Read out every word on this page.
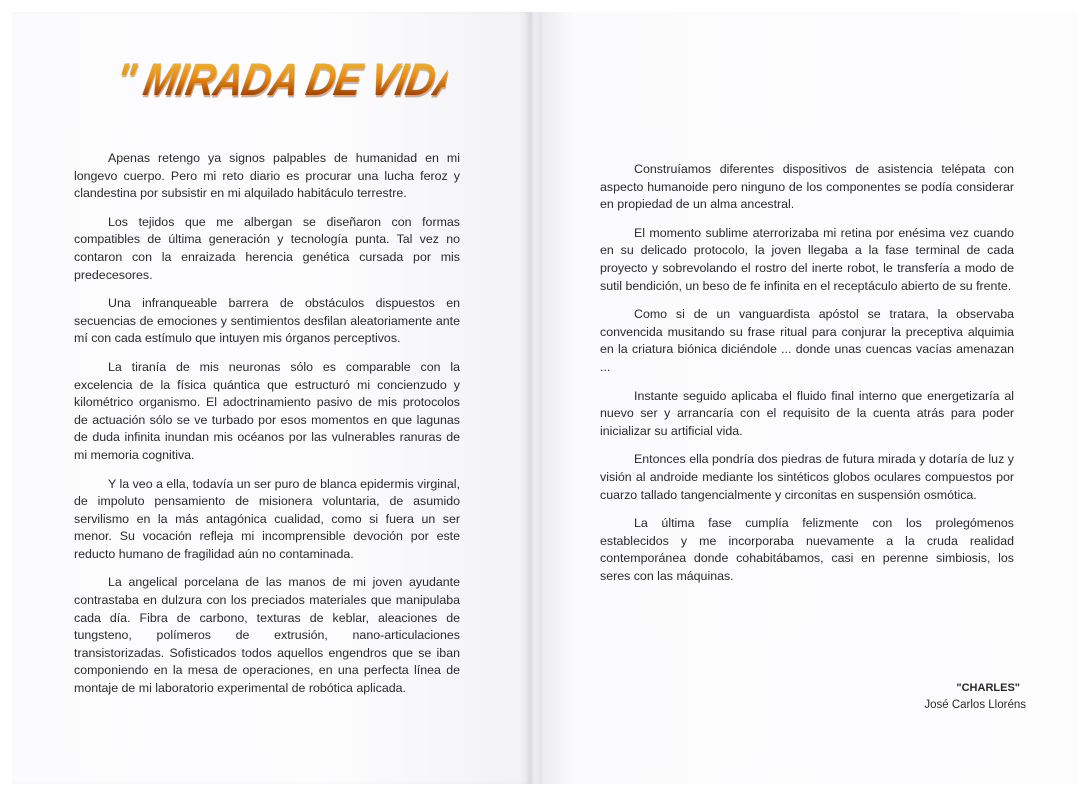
" MIRADA DE VIDA "

Apenas retengo ya signos palpables de humanidad en mi longevo cuerpo. Pero mi reto diario es procurar una lucha feroz y clandestina por subsistir en mi alquilado habitáculo terrestre.

Los tejidos que me albergan se diseñaron con formas compatibles de última generación y tecnología punta. Tal vez no contaron con la enraizada herencia genética cursada por mis predecesores.

Una infranqueable barrera de obstáculos dispuestos en secuencias de emociones y sentimientos desfilan aleatoriamente ante mí con cada estímulo que intuyen mis órganos perceptivos.

La tiranía de mis neuronas sólo es comparable con la excelencia de la física quántica que estructuró mi concienzudo y kilométrico organismo. El adoctrinamiento pasivo de mis protocolos de actuación sólo se ve turbado por esos momentos en que lagunas de duda infinita inundan mis océanos por las vulnerables ranuras de mi memoria cognitiva.

Y la veo a ella, todavía un ser puro de blanca epidermis virginal, de impoluto pensamiento de misionera voluntaria, de asumido servilismo en la más antagónica cualidad, como si fuera un ser menor. Su vocación refleja mi incomprensible devoción por este reducto humano de fragilidad aún no contaminada.

La angelical porcelana de las manos de mi joven ayudante contrastaba en dulzura con los preciados materiales que manipulaba cada día. Fibra de carbono, texturas de keblar, aleaciones de tungsteno, polímeros de extrusión, nano-articulaciones transistorizadas. Sofisticados todos aquellos engendros que se iban componiendo en la mesa de operaciones, en una perfecta línea de montaje de mi laboratorio experimental de robótica aplicada.

Construíamos diferentes dispositivos de asistencia telépata con aspecto humanoide pero ninguno de los componentes se podía considerar en propiedad de un alma ancestral.

El momento sublime aterrorizaba mi retina por enésima vez cuando en su delicado protocolo, la joven llegaba a la fase terminal de cada proyecto y sobrevolando el rostro del inerte robot, le transfería a modo de sutil bendición, un beso de fe infinita en el receptáculo abierto de su frente.

Como si de un vanguardista apóstol se tratara, la observaba convencida musitando su frase ritual para conjurar la preceptiva alquimia en la criatura biónica diciéndole ... donde unas cuencas vacías amenazan ...

Instante seguido aplicaba el fluido final interno que energetizaría al nuevo ser y arrancaría con el requisito de la cuenta atrás para poder inicializar su artificial vida.

Entonces ella pondría dos piedras de futura mirada y dotaría de luz y visión al androide mediante los sintéticos globos oculares compuestos por cuarzo tallado tangencialmente y circonitas en suspensión osmótica.

La última fase cumplía felizmente con los prolegómenos establecidos y me incorporaba nuevamente a la cruda realidad contemporánea donde cohabitábamos, casi en perenne simbiosis, los seres con las máquinas.

"CHARLES"
José Carlos Lloréns
